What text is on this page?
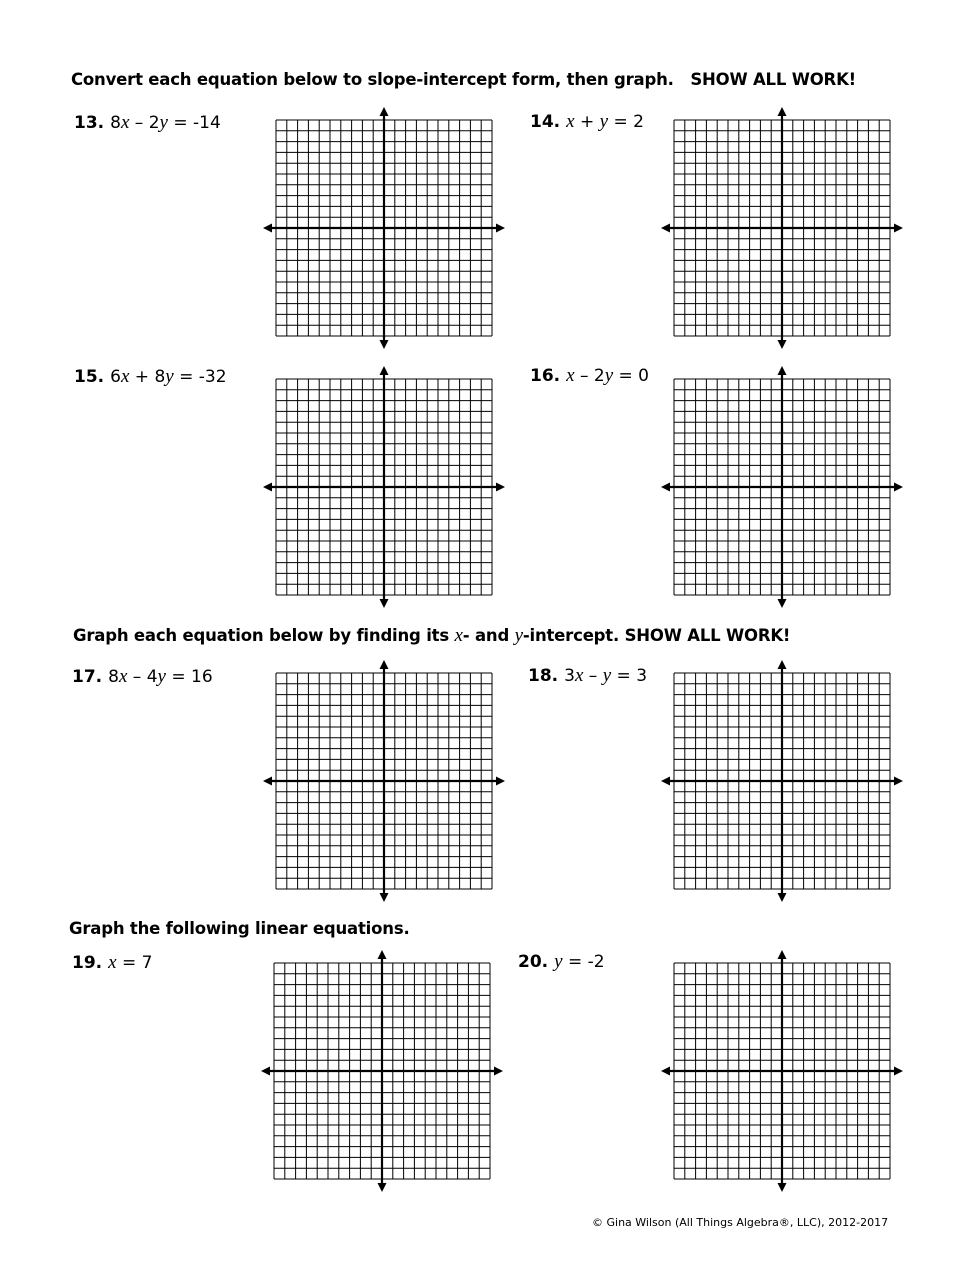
Convert each equation below to slope-intercept form, then graph. SHOW ALL WORK!
Graph each equation below by finding its x- and y-intercept. SHOW ALL WORK!
Graph the following linear equations.
13. 8x – 2y = -14	14. x + y = 2
15. 6x + 8y = -32	16. x – 2y = 0
17. 8x – 4y = 16	18. 3x – y = 3
19. x = 7	20. y = -2
© Gina Wilson (All Things Algebra®, LLC), 2012-2017
